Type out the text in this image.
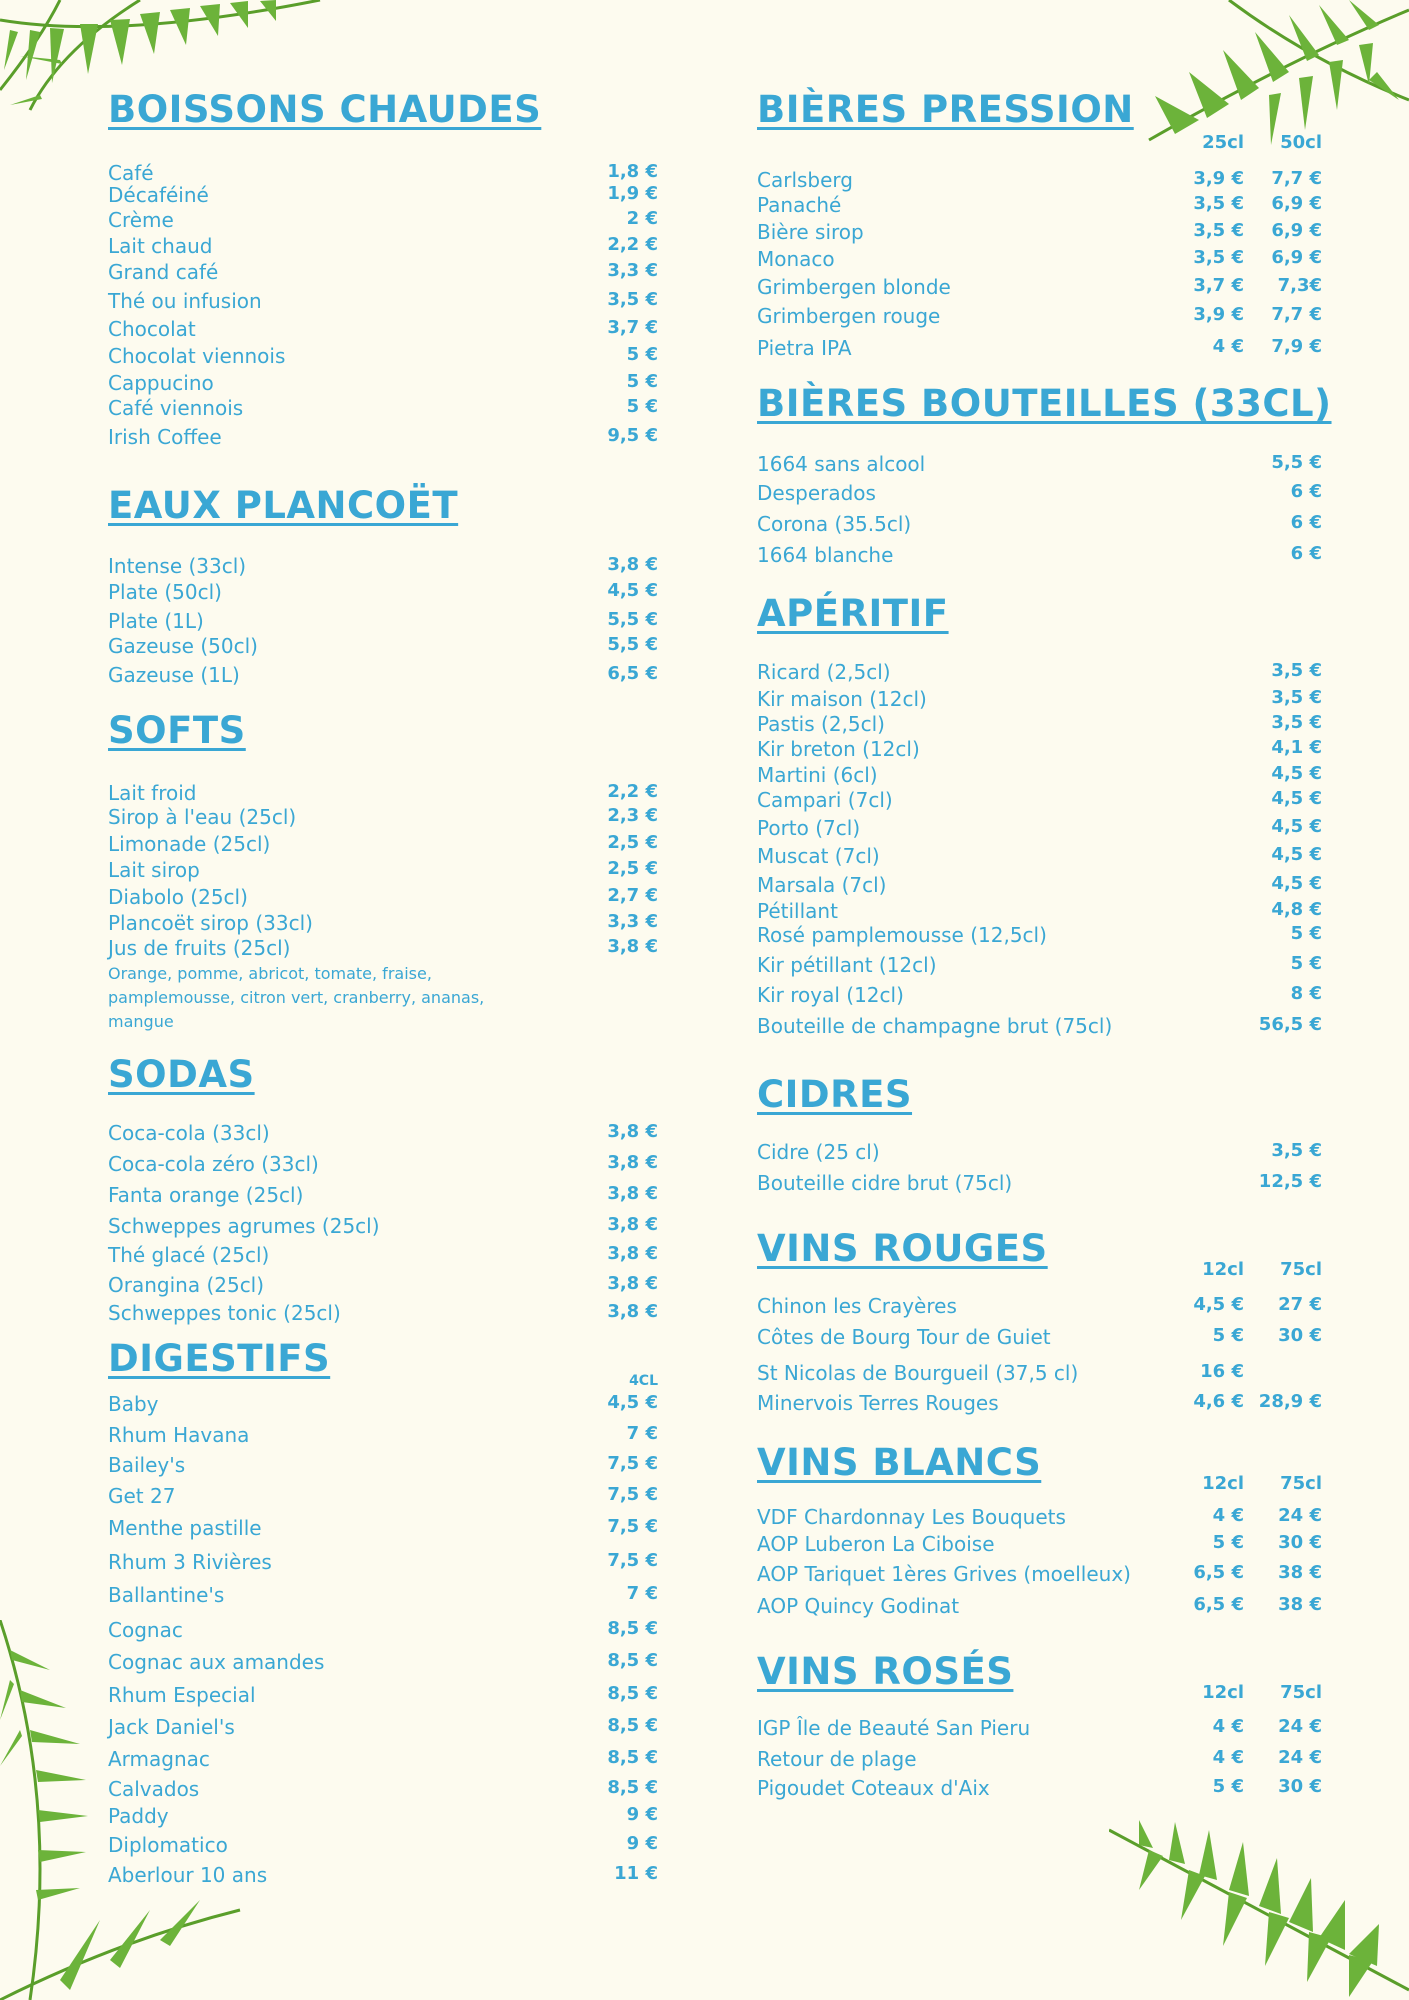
BOISSONS CHAUDES
Café	1,8 €
Décaféiné	1,9 €
Crème	2 €
Lait chaud	2,2 €
Grand café	3,3 €
Thé ou infusion	3,5 €
Chocolat	3,7 €
Chocolat viennois	5 €
Cappucino	5 €
Café viennois	5 €
Irish Coffee	9,5 €
EAUX PLANCOËT
Intense (33cl)	3,8 €
Plate (50cl)	4,5 €
Plate (1L)	5,5 €
Gazeuse (50cl)	5,5 €
Gazeuse (1L)	6,5 €
SOFTS
Lait froid	2,2 €
Sirop à l'eau (25cl)	2,3 €
Limonade (25cl)	2,5 €
Lait sirop	2,5 €
Diabolo (25cl)	2,7 €
Plancoët sirop (33cl)	3,3 €
Jus de fruits (25cl)	3,8 €
Orange, pomme, abricot, tomate, fraise, pamplemousse, citron vert, cranberry, ananas, mangue
SODAS
Coca-cola (33cl)	3,8 €
Coca-cola zéro (33cl)	3,8 €
Fanta orange (25cl)	3,8 €
Schweppes agrumes (25cl)	3,8 €
Thé glacé (25cl)	3,8 €
Orangina (25cl)	3,8 €
Schweppes tonic (25cl)	3,8 €
DIGESTIFS
4CL
Baby	4,5 €
Rhum Havana	7 €
Bailey's	7,5 €
Get 27	7,5 €
Menthe pastille	7,5 €
Rhum 3 Rivières	7,5 €
Ballantine's	7 €
Cognac	8,5 €
Cognac aux amandes	8,5 €
Rhum Especial	8,5 €
Jack Daniel's	8,5 €
Armagnac	8,5 €
Calvados	8,5 €
Paddy	9 €
Diplomatico	9 €
Aberlour 10 ans	11 €
BIÈRES PRESSION
25cl 50cl
Carlsberg	3,9 € 7,7 €
Panaché	3,5 € 6,9 €
Bière sirop	3,5 € 6,9 €
Monaco	3,5 € 6,9 €
Grimbergen blonde	3,7 € 7,3€
Grimbergen rouge	3,9 € 7,7 €
Pietra IPA	4 € 7,9 €
BIÈRES BOUTEILLES (33CL)
1664 sans alcool	5,5 €
Desperados	6 €
Corona (35.5cl)	6 €
1664 blanche	6 €
APÉRITIF
Ricard (2,5cl)	3,5 €
Kir maison (12cl)	3,5 €
Pastis (2,5cl)	3,5 €
Kir breton (12cl)	4,1 €
Martini (6cl)	4,5 €
Campari (7cl)	4,5 €
Porto (7cl)	4,5 €
Muscat (7cl)	4,5 €
Marsala (7cl)	4,5 €
Pétillant	4,8 €
Rosé pamplemousse (12,5cl)	5 €
Kir pétillant (12cl)	5 €
Kir royal (12cl)	8 €
Bouteille de champagne brut (75cl)	56,5 €
CIDRES
Cidre (25 cl)	3,5 €
Bouteille cidre brut (75cl)	12,5 €
VINS ROUGES	12cl 75cl
Chinon les Crayères	4,5 € 27 €
Côtes de Bourg Tour de Guiet	5 € 30 €
St Nicolas de Bourgueil (37,5 cl)	16 €
Minervois Terres Rouges	4,6 € 28,9 €
VINS BLANCS	12cl 75cl
VDF Chardonnay Les Bouquets	4 € 24 €
AOP Luberon La Ciboise	5 € 30 €
AOP Tariquet 1ères Grives (moelleux)	6,5 € 38 €
AOP Quincy Godinat	6,5 € 38 €
VINS ROSÉS	12cl 75cl
IGP Île de Beauté San Pieru	4 € 24 €
Retour de plage	4 € 24 €
Pigoudet Coteaux d'Aix	5 € 30 €
